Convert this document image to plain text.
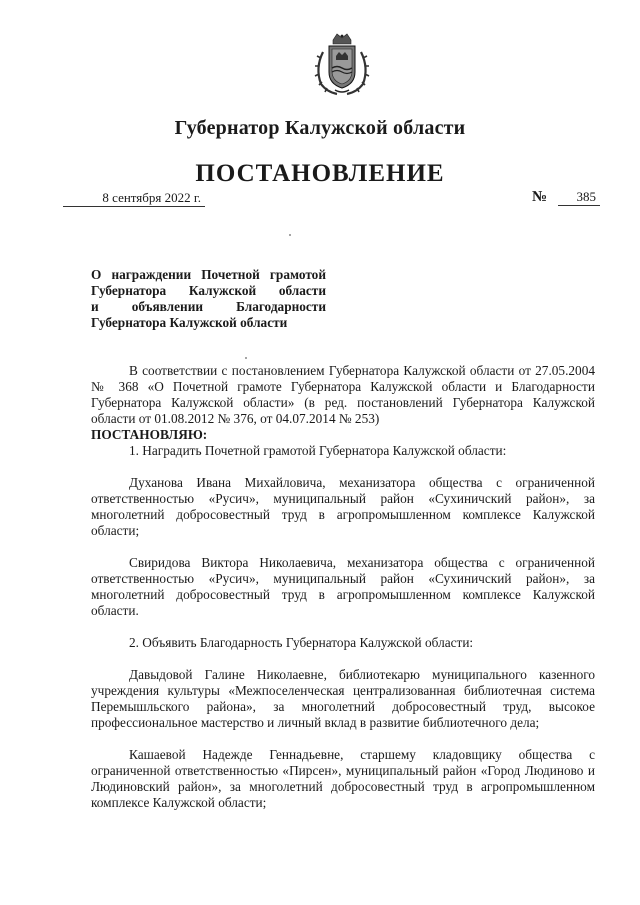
Губернатор Калужской области
ПОСТАНОВЛЕНИЕ
8 сентября 2022 г.	№	385
О награждении Почетной грамотой
Губернатора Калужской области
и объявлении Благодарности
Губернатора Калужской области

В соответствии с постановлением Губернатора Калужской области от 27.05.2004 № 368 «О Почетной грамоте Губернатора Калужской области и Благодарности Губернатора Калужской области» (в ред. постановлений Губернатора Калужской области от 01.08.2012 № 376, от 04.07.2014 № 253)

ПОСТАНОВЛЯЮ:

1. Наградить Почетной грамотой Губернатора Калужской области:

Духанова Ивана Михайловича, механизатора общества с ограниченной ответственностью «Русич», муниципальный район «Сухиничский район», за многолетний добросовестный труд в агропромышленном комплексе Калужской области;

Свиридова Виктора Николаевича, механизатора общества с ограниченной ответственностью «Русич», муниципальный район «Сухиничский район», за многолетний добросовестный труд в агропромышленном комплексе Калужской области.

2. Объявить Благодарность Губернатора Калужской области:

Давыдовой Галине Николаевне, библиотекарю муниципального казенного учреждения культуры «Межпоселенческая централизованная библиотечная система Перемышльского района», за многолетний добросовестный труд, высокое профессиональное мастерство и личный вклад в развитие библиотечного дела;

Кашаевой Надежде Геннадьевне, старшему кладовщику общества с ограниченной ответственностью «Пирсен», муниципальный район «Город Людиново и Людиновский район», за многолетний добросовестный труд в агропромышленном комплексе Калужской области;
